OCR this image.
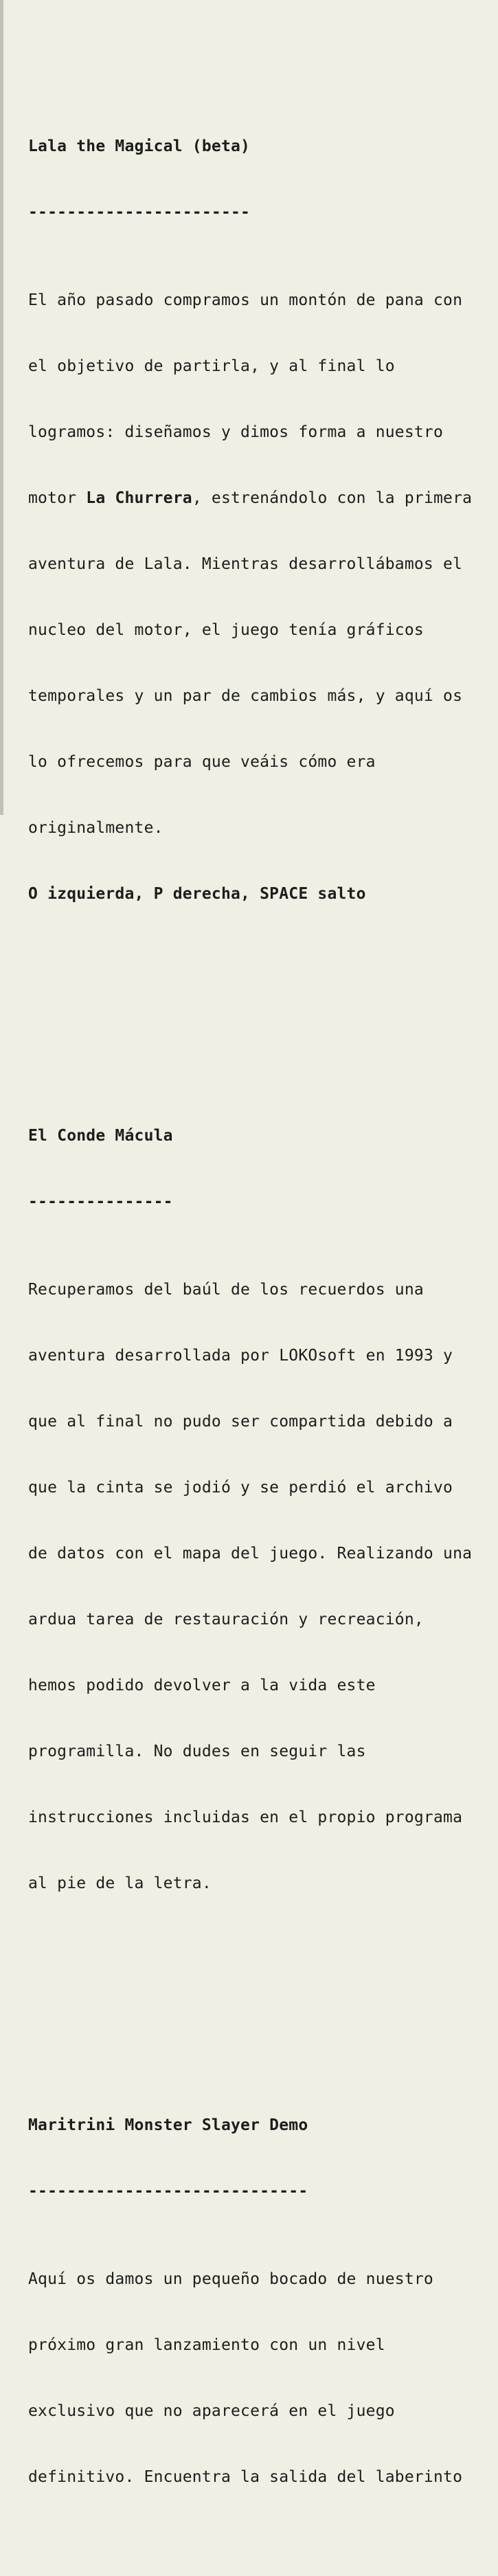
Lala the Magical (beta)

-----------------------

El año pasado compramos un montón de pana con

el objetivo de partirla, y al final lo

logramos: diseñamos y dimos forma a nuestro

motor La Churrera, estrenándolo con la primera

aventura de Lala. Mientras desarrollábamos el

nucleo del motor, el juego tenía gráficos

temporales y un par de cambios más, y aquí os

lo ofrecemos para que veáis cómo era

originalmente.

O izquierda, P derecha, SPACE salto

El Conde Mácula

---------------

Recuperamos del baúl de los recuerdos una

aventura desarrollada por LOKOsoft en 1993 y

que al final no pudo ser compartida debido a

que la cinta se jodió y se perdió el archivo

de datos con el mapa del juego. Realizando una

ardua tarea de restauración y recreación,

hemos podido devolver a la vida este

programilla. No dudes en seguir las

instrucciones incluidas en el propio programa

al pie de la letra.

Maritrini Monster Slayer Demo

-----------------------------

Aquí os damos un pequeño bocado de nuestro

próximo gran lanzamiento con un nivel

exclusivo que no aparecerá en el juego

definitivo. Encuentra la salida del laberinto
